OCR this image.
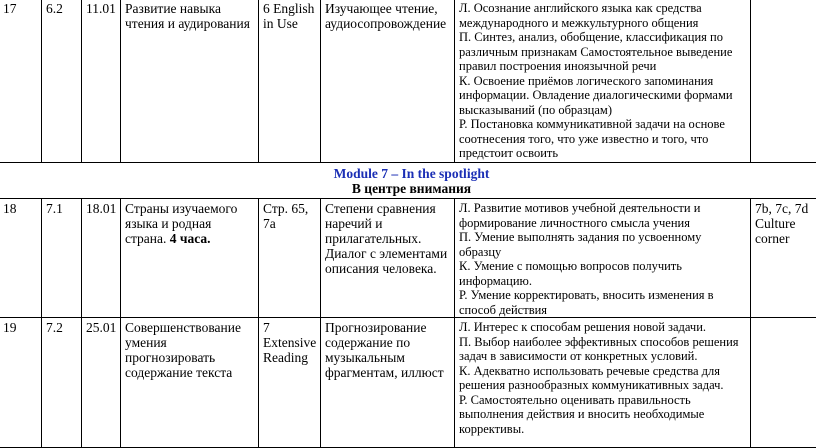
17	6.2	11.01	Развитие навыка чтения и аудирования	6 English in Use	Изучающее чтение, аудиосопровождение	Л. Осознание английского языка как средства международного и межкультурного общения
П. Синтез, анализ, обобщение, классификация по различным признакам Самостоятельное выведение правил построения иноязычной речи
К. Освоение приёмов логического запоминания информации. Овладение диалогическими формами высказываний (по образцам)
Р. Постановка коммуникативной задачи на основе соотнесения того, что уже известно и того, что предстоит освоить	

Module 7 – In the spotlight
В центре внимания							

18	7.1	18.01	Страны изучаемого языка и родная страна. 4 часа.	Стр. 65, 7a	Степени сравнения наречий и прилагательных. Диалог с элементами описания человека.	Л. Развитие мотивов учебной деятельности и формирование личностного смысла учения
П. Умение выполнять задания по усвоенному образцу
К. Умение с помощью вопросов получить информацию.
Р. Умение корректировать, вносить изменения в способ действия	7b, 7c, 7d Culture corner
19	7.2	25.01	Совершенствование умения прогнозировать содержание текста	7 Extensive Reading	Прогнозирование содержание по музыкальным фрагментам, иллюст	Л. Интерес к способам решения новой задачи.
П. Выбор наиболее эффективных способов решения задач в зависимости от конкретных условий.
К. Адекватно использовать речевые средства для решения разнообразных коммуникативных задач.
Р. Самостоятельно оценивать правильность выполнения действия и вносить необходимые коррективы.	
